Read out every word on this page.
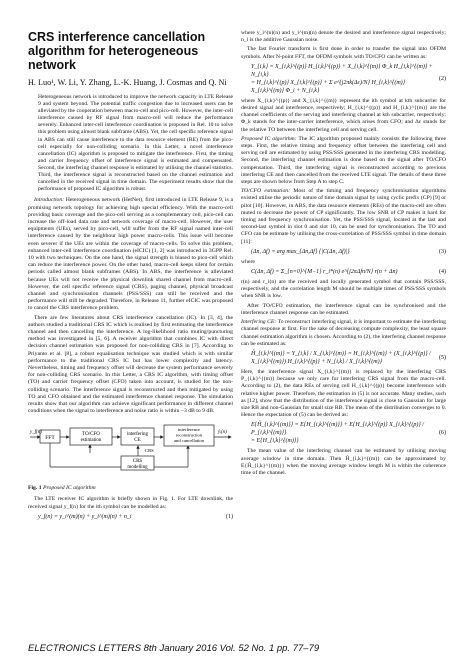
CRS interference cancellation algorithm for heterogeneous network
H. Luo¹, W. Li, Y. Zhang, L.-K. Huang, J. Cosmas and Q. Ni
Heterogeneous network is introduced to improve the network capacity in LTE Release 9 and system beyond. The potential traffic congestion due to increased users can be alleviated by the cooperation between macro-cell and pico-cell. However, the inter-cell interference caused by RF signal from macro-cell will reduce the performance severely. Enhanced inter-cell interference coordination is proposed in Rel. 10 to solve this problem using almost blank subframe (ABS). Yet, the cell specific reference signal in ABS can still cause interference to the data resource element (RE) from the pico-cell especially for non-colliding scenario. In this Letter, a novel interference cancellation (IC) algorithm is proposed to mitigate the interference. First, the timing and carrier frequency offset of interference signal is estimated and compensated. Second, the interfering channel response is estimated by utilising the channel statistics. Third, the interference signal is reconstructed based on the channel estimation and cancelled in the received signal in time domain. The experiment results show that the performance of proposed IC algorithm is robust.

Introduction: Heterogeneous network (HetNet), first introduced in LTE Release 9, is a promising network topology for achieving high special efficiency. With the macro-cell providing basic coverage and the pico-cell serving as a complementary cell, pico-cell can increase the off-load data rate and network coverage of macro-cell. However, the user equipments (UEs), served by pico-cell, will suffer from the RF signal named inter-cell interference caused by the neighbour high power macro-cells. This issue will become even severer if the UEs are within the coverage of macro-cells. To solve this problem, enhanced inter-cell interference coordination (eICIC) [1, 2] was introduced in 3GPP Rel. 10 with two techniques. On the one hand, the signal strength is biased to pico-cell which can reduce the interference power. On the other hand, macro-cell keeps silent for certain periods called almost blank subframes (ABS). In ABS, the interference is alleviated because UEs will not receive the physical downlink shared channel from macro-cell. However, the cell specific reference signal (CRS), paging channel, physical broadcast channel and synchronisation channels (PSS/SSS) can still be received and the performance will still be degraded. Therefore, in Release 11, further eICIC was proposed to cancel the CRS interference problem.

There are few literatures about CRS interference cancellation (IC). In [3, 4], the authors studied a traditional CRS IC which is realised by first estimating the interference channel and then cancelling the interference. A log-likelihood ratio muting/puncturing method was investigated in [5, 6]. A receiver algorithm that combines IC with direct decision channel estimation was proposed for non-colliding CRS in [7]. According to Priyanto et al. [8], a robust equalisation technique was studied which is with similar performance to the traditional CRS IC but has lower complexity and latency. Nevertheless, timing and frequency offset will decrease the system performance severely for non-colliding CRS scenario. In this Letter, a CRS IC algorithm, with timing offset (TO) and carrier frequency offset (CFO) taken into account, is studied for the non-colliding scenario. The interference signal is reconstructed and then mitigated by using TO and CFO obtained and the estimated interference channel response. The simulation results show that our algorithm can achieve significant performance in different channel conditions when the signal to interference and noise ratio is within −3 dB to 9 dB.

y_f(n)
FFT
TO/CFO estimation
interfering CE
interference reconstruction and cancellation
CRS modelling
CRS
ŷᵢ(n)
Fig. 1 Proposed IC algorithm

The LTE receiver IC algorithm is briefly shown in Fig. 1. For LTE downlink, the received signal y_f(n) for the ith symbol can be modelled as:

y_f(n) = y_i^(m)(n) + y_i^(m)(n) + n_i	(1)

where y_i^(n)(n) and y_i^(m)(n) denote the desired and interference signal respectively; n_i is the additive Gaussian noise.

The fast Fourier transform is first done in order to transfer the signal into OFDM symbols. After N-point FFT, the OFDM symbols with TO/CFO can be written as:

Y_{i,k} = X_{i,k}^{(p)} H_{i,k}^{(p)} + X_{i,k}^{(m)} Φ_k H_{i,k}^{(m)} + N_{i,k}
= H_{i,k}^{(p)} X_{i,k}^{(p)} + Σ e^{j2πk(Δε)/N} H_{i,k}^{(m)} X_{i,k}^{(m)} Φ_i + N_{i,k}
(2)

where X_{i,k}^{(p)} and X_{i,k}^{(m)} represent the ith symbol at kth subcarrier for desired signal and interference, respectively; H_{i,k}^{(p)} and H_{i,k}^{(m)} are the channel coefficients of the serving and interfering channel at kth subcarrier, respectively; Φ_k stands for the inter-carrier interference, which arises from CFO; and Δε stands for the relative TO between the interfering cell and serving cell.

Proposed IC algorithm: The IC algorithm proposed mainly consists the following three steps. First, the relative timing and frequency offset between the interfering cell and serving cell are estimated by using PSS/SSS generated in the interfering CRS modelling. Second, the interfering channel estimation is done based on the signal after TO/CFO compensation. Third, the interfering signal is reconstructed according to previous interfering CE and then cancelled from the received LTE signal. The details of these three steps are shown below from Step A to step C.

TO/CFO estimation: Most of the timing and frequency synchronisation algorithms existed utilise the periodic nature of time domain signal by using cyclic prefix (CP) [9] or pilot [10]. However, in ABS, the data resource elements (REs) of the macro-cell are often muted to decrease the power of CP significantly. The low SNR of CP makes it hard for timing and frequency synchronisation. Yet, the PSS/SSS signal, located at the last and second-last symbol in slot 0 and slot 10, can be used for synchronisation. The TO and CFO can be estimate by utilising the cross-correlation of PSS/SSS symbol in time domain [11]:

(Δn, Δf) = arg max_{Δn,Δf} {|C(Δn, Δf)|}	(3)

where

C(Δn, Δf) = Σ_{n=0}^{M−1} r_i*(n) e^{j2πΔfn/N} r(n + Δn)	(4)

r(n) and r_i(n) are the received and locally generated symbol that contain PSS/SSS, respectively, and the correlation length M should be multiple times of PSS/SSS symbols when SNR is low.

After TO/CFO estimation, the interference signal can be synchronised and the interference channel response can be estimated.

Interfering CE: To reconstruct interfering signal, it is important to estimate the interfering channel response at first. For the sake of decreasing compute complexity, the least square channel estimation algorithm is chosen. According to (2), the interfering channel response can be estimated as:

Ĥ_{i,k}^{(m)} = Y_{i,k} / X_{i,k}^{(m)} = H_{i,k}^{(m)} + (X_{i,k}^{(p)} / X_{i,k}^{(m)}) H_{i,k}^{(p)} + N_{i,k} / X_{i,k}^{(m)}
(5)

Here, the interference signal X_{i,k}^{(m)} is replaced by the interfering CRS P_{i,k}^{(m)} because we only care for interfering CRS signal from the macro-cell. According to (2), the data REs of serving cell H_{i,k}^{(p)} become interference with relative higher power. Therefore, the estimation in (5) is not accurate. Many studies, such as [12], show that the distribution of the interference signal is close to Gaussian for large size RB and non-Gaussian for small size RB. The mean of the distribution converges to 0. Hence the expectation of (5) can be derived as:

E{Ĥ_{i,k}^{(m)}} = E{H_{i,k}^{(m)}} + E{H_{i,k}^{(p)} X_{i,k}^{(p)} / P_{i,k}^{(m)}}
= E{H_{i,k}^{(m)}}
(6)

The mean value of the interfering channel can be estimated by utilising moving average window in time domain. Then Ĥ_{i,k}^{(m)} can be approximated by E{Ĥ_{i,k}^{(m)}} when the moving average window length M is within the coherence time of the channel.

ELECTRONICS LETTERS 8th January 2016 Vol. 52 No. 1 pp. 77–79
